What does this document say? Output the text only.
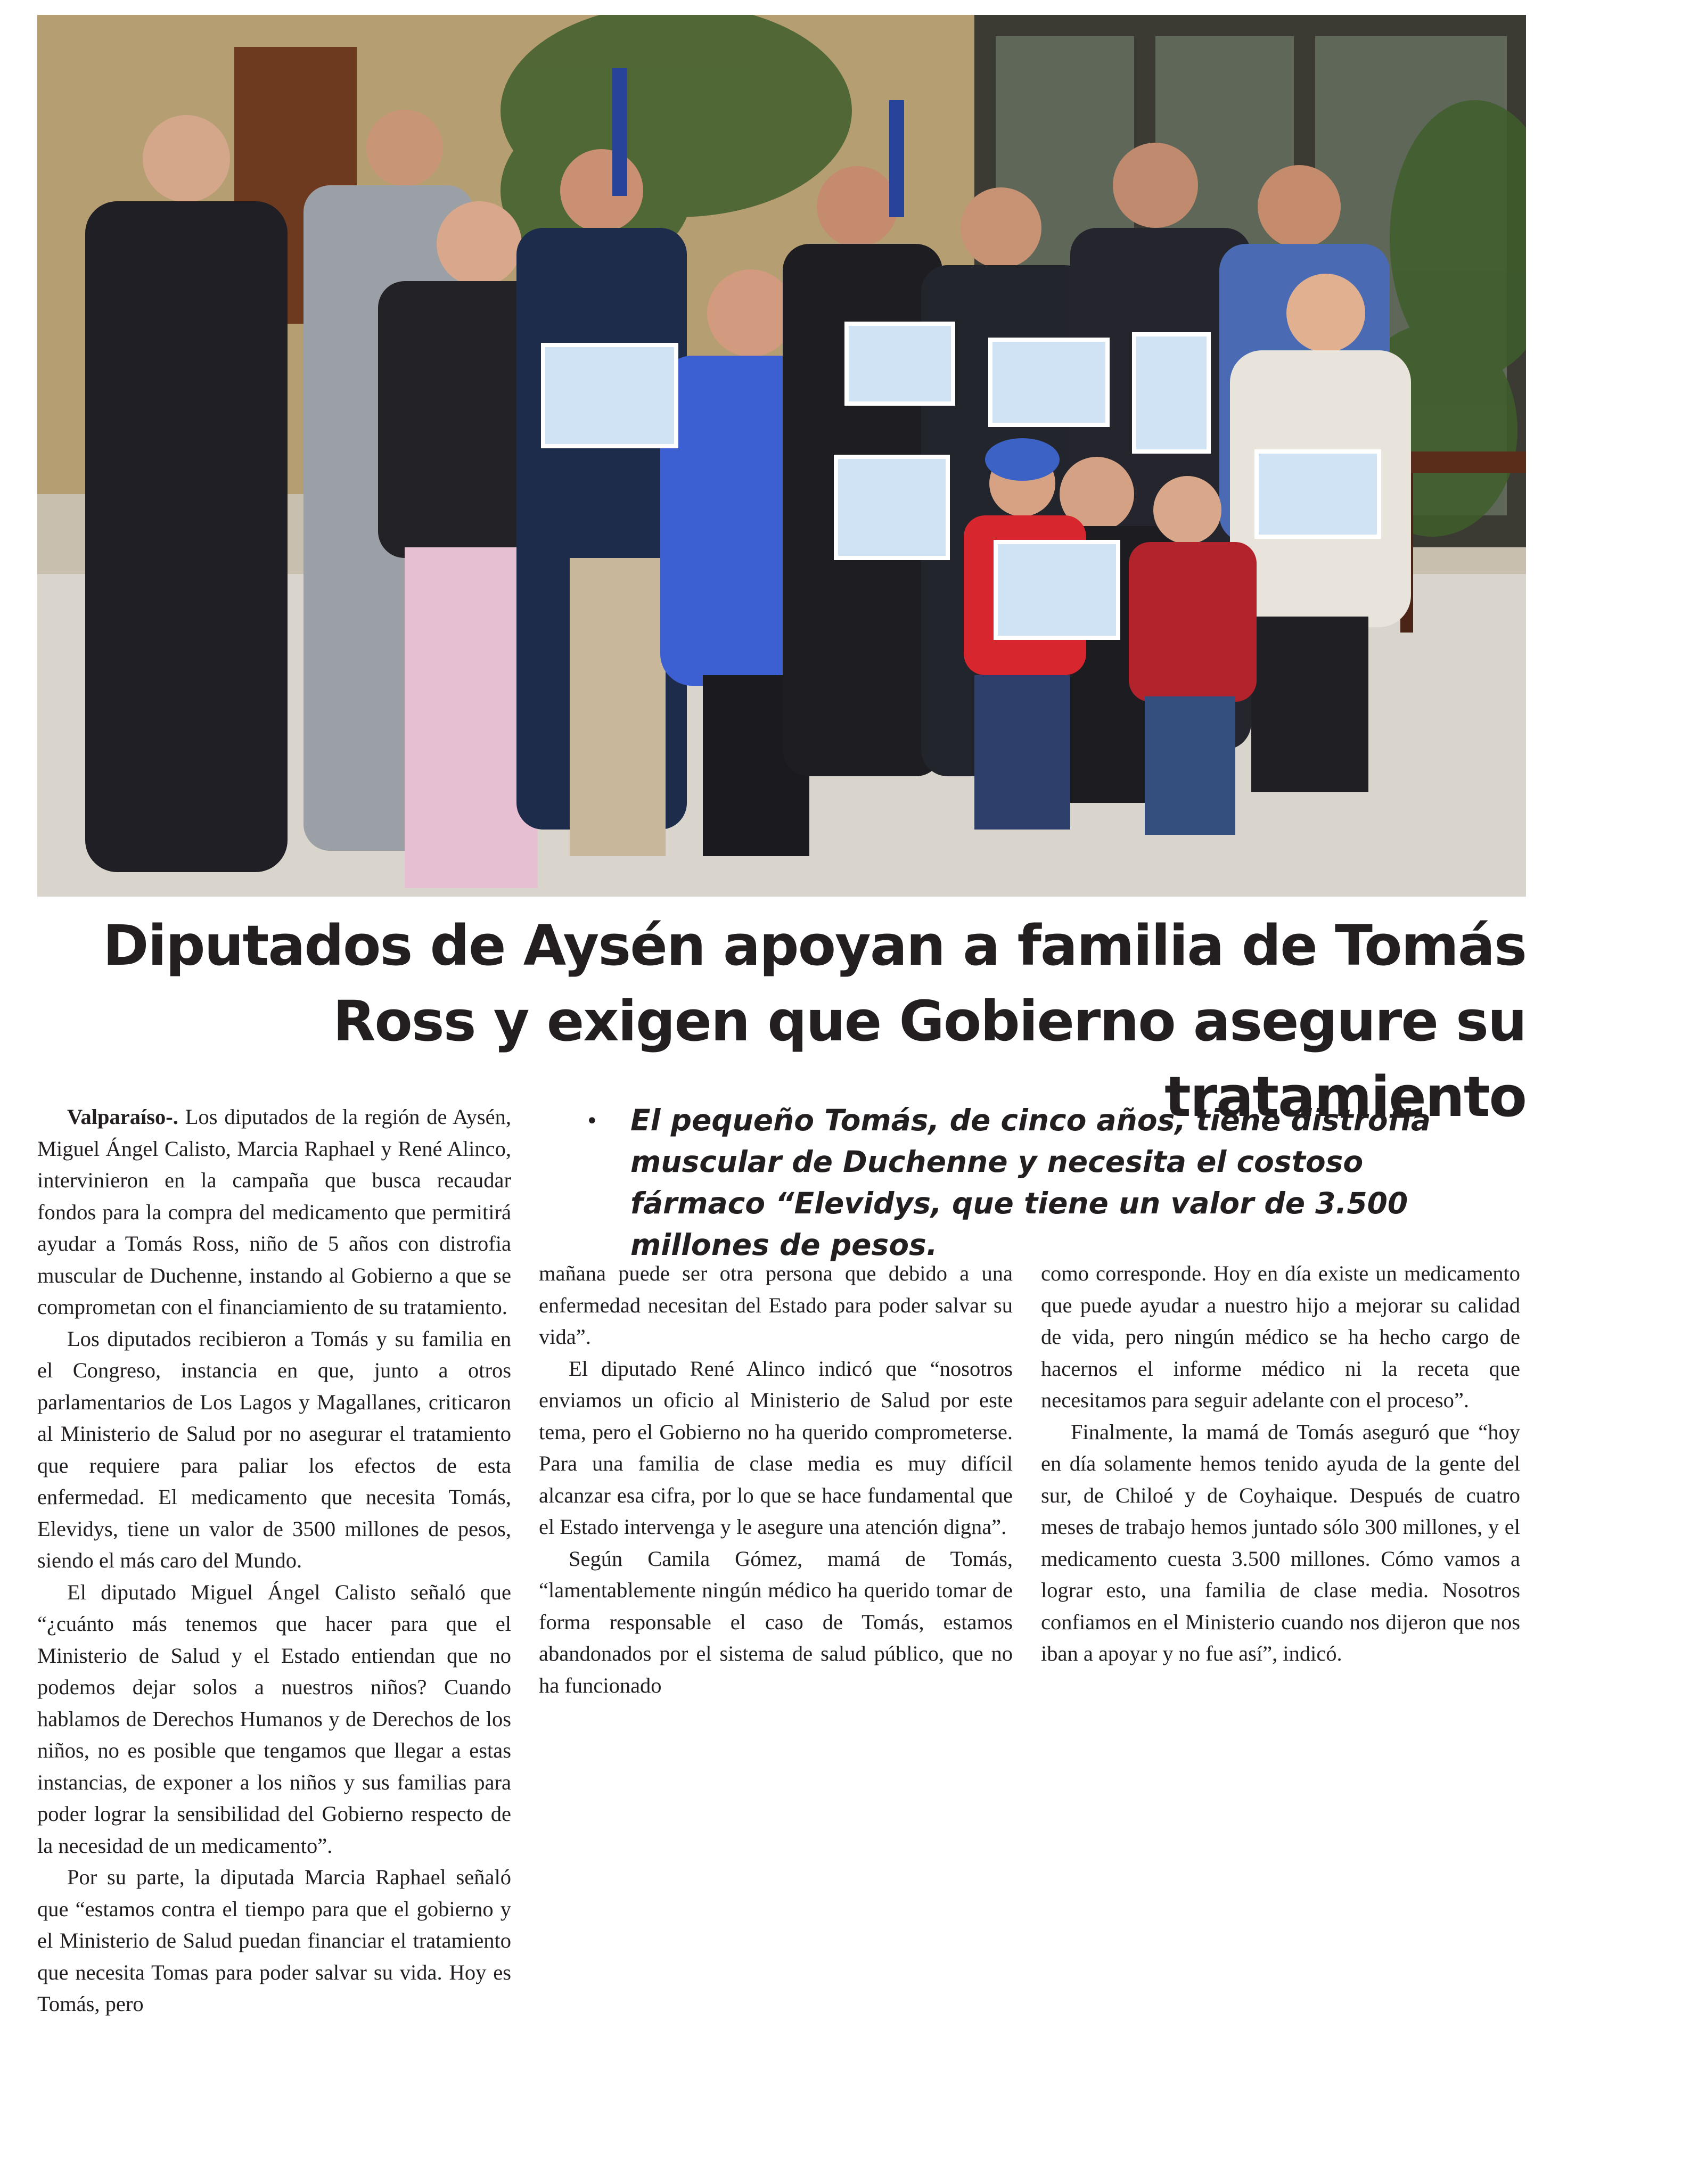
Diputados de Aysén apoyan a familia de Tomás Ross y exigen que Gobierno asegure su tratamiento
•	El pequeño Tomás, de cinco años, tiene distrofia muscular de Duchenne y necesita el costoso fármaco “Elevidys, que tiene un valor de 3.500 millones de pesos.

Valparaíso-. Los diputados de la región de Aysén, Miguel Ángel Calisto, Marcia Raphael y René Alinco, intervinieron en la campaña que busca recaudar fondos para la compra del medicamento que permitirá ayudar a Tomás Ross, niño de 5 años con distrofia muscular de Duchenne, instando al Gobierno a que se comprometan con el financiamiento de su tratamiento.

Los diputados recibieron a Tomás y su familia en el Congreso, instancia en que, junto a otros parlamentarios de Los Lagos y Magallanes, criticaron al Ministerio de Salud por no asegurar el tratamiento que requiere para paliar los efectos de esta enfermedad. El medicamento que necesita Tomás, Elevidys, tiene un valor de 3500 millones de pesos, siendo el más caro del Mundo.

El diputado Miguel Ángel Calisto señaló que “¿cuánto más tenemos que hacer para que el Ministerio de Salud y el Estado entiendan que no podemos dejar solos a nuestros niños? Cuando hablamos de Derechos Humanos y de Derechos de los niños, no es posible que tengamos que llegar a estas instancias, de exponer a los niños y sus familias para poder lograr la sensibilidad del Gobierno respecto de la necesidad de un medicamento”.

Por su parte, la diputada Marcia Raphael señaló que “estamos contra el tiempo para que el gobierno y el Ministerio de Salud puedan financiar el tratamiento que necesita Tomas para poder salvar su vida. Hoy es Tomás, pero

mañana puede ser otra persona que debido a una enfermedad necesitan del Estado para poder salvar su vida”.

El diputado René Alinco indicó que “nosotros enviamos un oficio al Ministerio de Salud por este tema, pero el Gobierno no ha querido comprometerse. Para una familia de clase media es muy difícil alcanzar esa cifra, por lo que se hace fundamental que el Estado intervenga y le asegure una atención digna”.

Según Camila Gómez, mamá de Tomás, “lamentablemente ningún médico ha querido tomar de forma responsable el caso de Tomás, estamos abandonados por el sistema de salud público, que no ha funcionado

como corresponde. Hoy en día existe un medicamento que puede ayudar a nuestro hijo a mejorar su calidad de vida, pero ningún médico se ha hecho cargo de hacernos el informe médico ni la receta que necesitamos para seguir adelante con el proceso”.

Finalmente, la mamá de Tomás aseguró que “hoy en día solamente hemos tenido ayuda de la gente del sur, de Chiloé y de Coyhaique. Después de cuatro meses de trabajo hemos juntado sólo 300 millones, y el medicamento cuesta 3.500 millones. Cómo vamos a lograr esto, una familia de clase media. Nosotros confiamos en el Ministerio cuando nos dijeron que nos iban a apoyar y no fue así”, indicó.
